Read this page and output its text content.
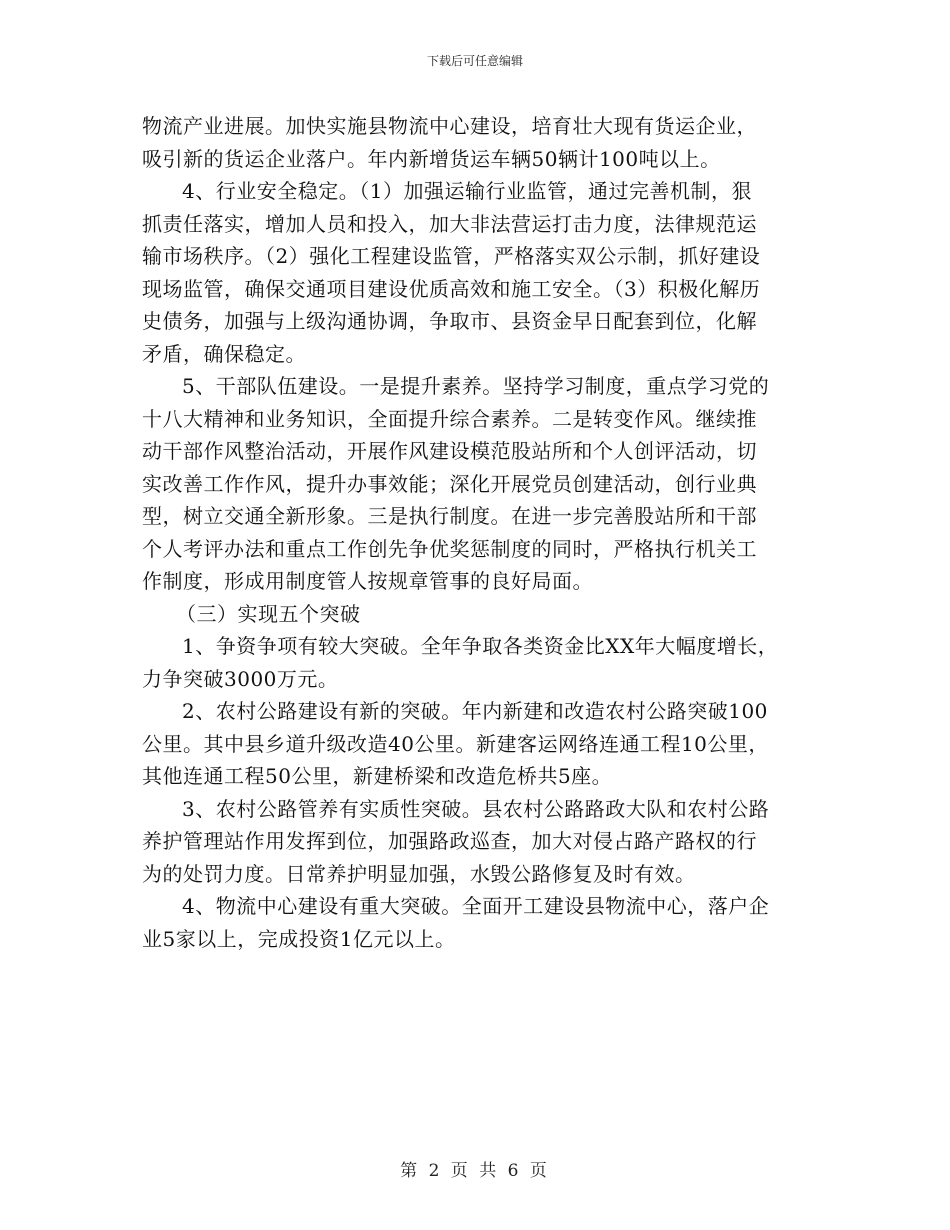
下载后可任意编辑
物流产业进展。加快实施县物流中心建设，培育壮大现有货运企业，
吸引新的货运企业落户。年内新增货运车辆50辆计100吨以上。
4、行业安全稳定。（1）加强运输行业监管，通过完善机制，狠
抓责任落实，增加人员和投入，加大非法营运打击力度，法律规范运
输市场秩序。（2）强化工程建设监管，严格落实双公示制，抓好建设
现场监管，确保交通项目建设优质高效和施工安全。（3）积极化解历
史债务，加强与上级沟通协调，争取市、县资金早日配套到位，化解
矛盾，确保稳定。
5、干部队伍建设。一是提升素养。坚持学习制度，重点学习党的
十八大精神和业务知识，全面提升综合素养。二是转变作风。继续推
动干部作风整治活动，开展作风建设模范股站所和个人创评活动，切
实改善工作作风，提升办事效能；深化开展党员创建活动，创行业典
型，树立交通全新形象。三是执行制度。在进一步完善股站所和干部
个人考评办法和重点工作创先争优奖惩制度的同时，严格执行机关工
作制度，形成用制度管人按规章管事的良好局面。
（三）实现五个突破
1、争资争项有较大突破。全年争取各类资金比XX年大幅度增长，
力争突破3000万元。
2、农村公路建设有新的突破。年内新建和改造农村公路突破100
公里。其中县乡道升级改造40公里。新建客运网络连通工程10公里，
其他连通工程50公里，新建桥梁和改造危桥共5座。
3、农村公路管养有实质性突破。县农村公路路政大队和农村公路
养护管理站作用发挥到位，加强路政巡查，加大对侵占路产路权的行
为的处罚力度。日常养护明显加强，水毁公路修复及时有效。
4、物流中心建设有重大突破。全面开工建设县物流中心，落户企
业5家以上，完成投资1亿元以上。
第 2 页 共 6 页
